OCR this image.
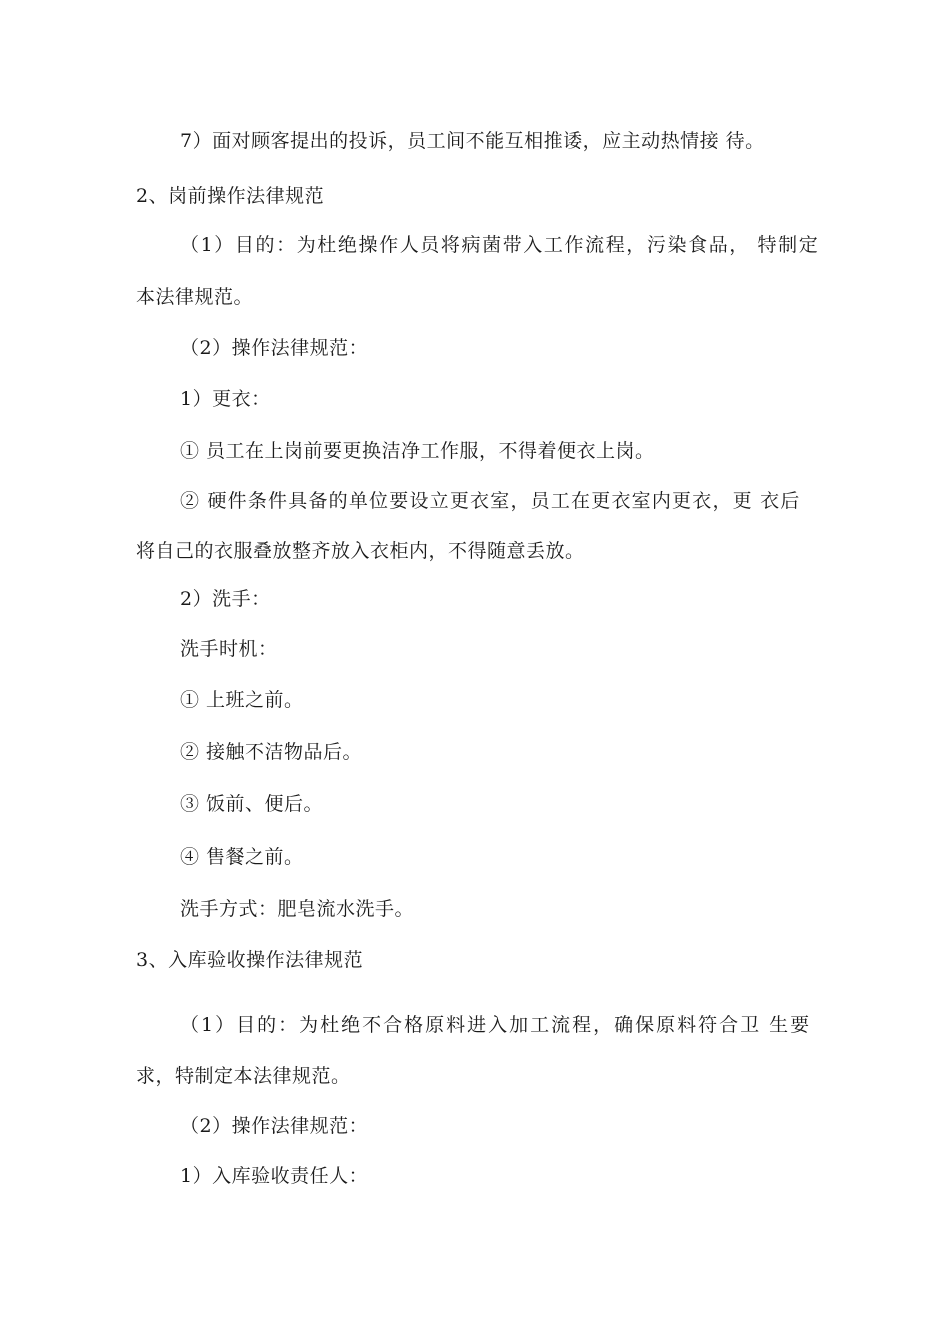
7）面对顾客提出的投诉，员工间不能互相推诿，应主动热情接 待。
2、岗前操作法律规范
（1）目的：为杜绝操作人员将病菌带入工作流程，污染食品， 特制定
本法律规范。
（2）操作法律规范：
1）更衣：
① 员工在上岗前要更换洁净工作服，不得着便衣上岗。
② 硬件条件具备的单位要设立更衣室，员工在更衣室内更衣，更 衣后
将自己的衣服叠放整齐放入衣柜内，不得随意丢放。
2）洗手：
洗手时机：
① 上班之前。
② 接触不洁物品后。
③ 饭前、便后。
④ 售餐之前。
洗手方式：肥皂流水洗手。
3、入库验收操作法律规范
（1）目的：为杜绝不合格原料进入加工流程，确保原料符合卫 生要
求，特制定本法律规范。
（2）操作法律规范：
1）入库验收责任人：
